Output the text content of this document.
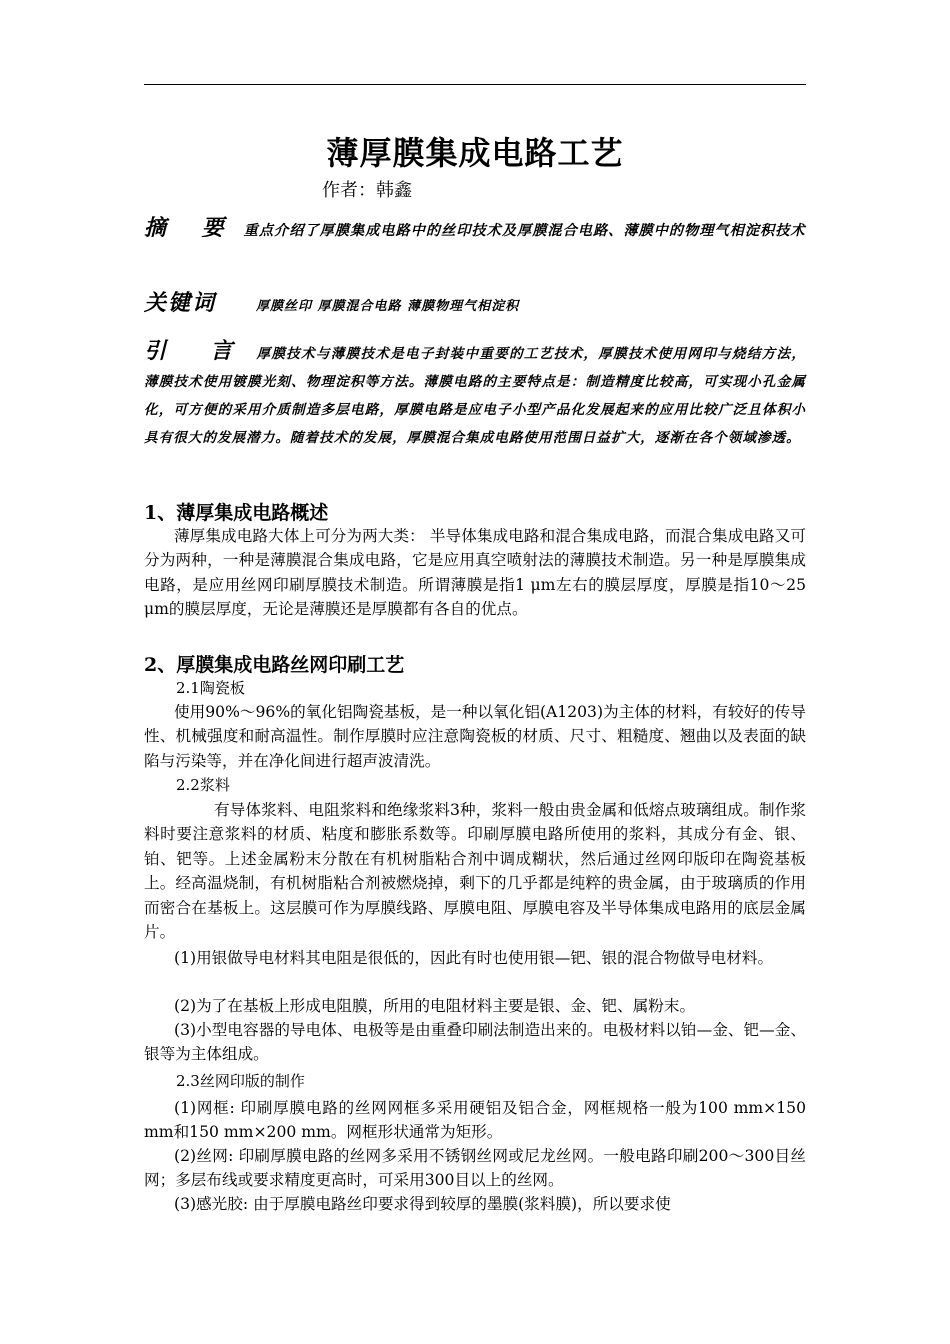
薄厚膜集成电路工艺
作者：韩鑫

摘 要 重点介绍了厚膜集成电路中的丝印技术及厚膜混合电路、薄膜中的物理气相淀积技术

关键词	厚膜丝印 厚膜混合电路 薄膜物理气相淀积

引 言 厚膜技术与薄膜技术是电子封装中重要的工艺技术，厚膜技术使用网印与烧结方法，薄膜技术使用镀膜光刻、物理淀积等方法。薄膜电路的主要特点是：制造精度比较高，可实现小孔金属化，可方便的采用介质制造多层电路，厚膜电路是应电子小型产品化发展起来的应用比较广泛且体积小具有很大的发展潜力。随着技术的发展，厚膜混合集成电路使用范围日益扩大，逐渐在各个领域渗透。

1、薄厚集成电路概述

薄厚集成电路大体上可分为两大类： 半导体集成电路和混合集成电路，而混合集成电路又可分为两种，一种是薄膜混合集成电路，它是应用真空喷射法的薄膜技术制造。另一种是厚膜集成电路，是应用丝网印刷厚膜技术制造。所谓薄膜是指1 μm左右的膜层厚度，厚膜是指10～25 μm的膜层厚度，无论是薄膜还是厚膜都有各自的优点。

2、厚膜集成电路丝网印刷工艺

2.1陶瓷板

使用90%～96%的氧化铝陶瓷基板，是一种以氧化铝(A1203)为主体的材料，有较好的传导性、机械强度和耐高温性。制作厚膜时应注意陶瓷板的材质、尺寸、粗糙度、翘曲以及表面的缺陷与污染等，并在净化间进行超声波清洗。

2.2浆料

有导体浆料、电阻浆料和绝缘浆料3种，浆料一般由贵金属和低熔点玻璃组成。制作浆料时要注意浆料的材质、粘度和膨胀系数等。印刷厚膜电路所使用的浆料，其成分有金、银、铂、钯等。上述金属粉末分散在有机树脂粘合剂中调成糊状，然后通过丝网印版印在陶瓷基板上。经高温烧制，有机树脂粘合剂被燃烧掉，剩下的几乎都是纯粹的贵金属，由于玻璃质的作用而密合在基板上。这层膜可作为厚膜线路、厚膜电阻、厚膜电容及半导体集成电路用的底层金属片。

(1)用银做导电材料其电阻是很低的，因此有时也使用银—钯、银的混合物做导电材料。

(2)为了在基板上形成电阻膜，所用的电阻材料主要是银、金、钯、属粉末。

(3)小型电容器的导电体、电极等是由重叠印刷法制造出来的。电极材料以铂—金、钯—金、银等为主体组成。

2.3丝网印版的制作

(1)网框: 印刷厚膜电路的丝网网框多采用硬铝及铝合金，网框规格一般为100 mm×150 mm和150 mm×200 mm。网框形状通常为矩形。

(2)丝网: 印刷厚膜电路的丝网多采用不锈钢丝网或尼龙丝网。一般电路印刷200～300目丝网；多层布线或要求精度更高时，可采用300目以上的丝网。

(3)感光胶: 由于厚膜电路丝印要求得到较厚的墨膜(浆料膜)，所以要求使
